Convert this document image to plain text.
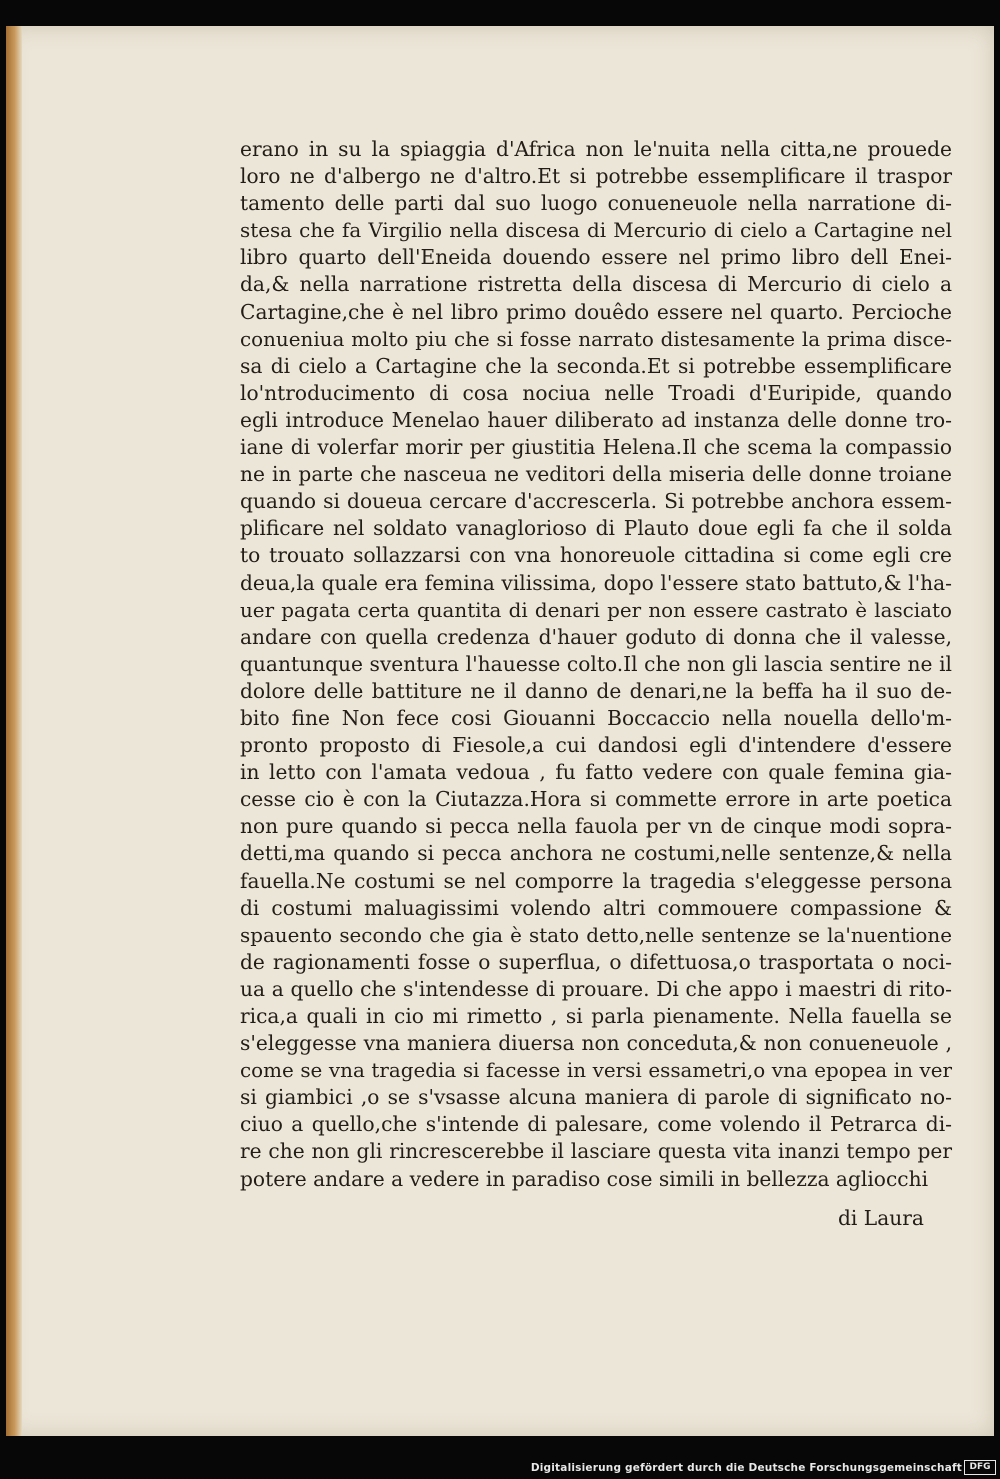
erano in su la spiaggia d'Africa non le'nuita nella citta,ne prouede
loro ne d'albergo ne d'altro.Et si potrebbe essemplificare il traspor
tamento delle parti dal suo luogo conueneuole nella narratione di-
stesa che fa Virgilio nella discesa di Mercurio di cielo a Cartagine nel
libro quarto dell'Eneida douendo essere nel primo libro dell Enei-
da,& nella narratione ristretta della discesa di Mercurio di cielo a
Cartagine,che è nel libro primo douêdo essere nel quarto. Percioche
conueniua molto piu che si fosse narrato distesamente la prima disce-
sa di cielo a Cartagine che la seconda.Et si potrebbe essemplificare
lo'ntroducimento di cosa nociua nelle Troadi d'Euripide, quando
egli introduce Menelao hauer diliberato ad instanza delle donne tro-
iane di volerfar morir per giustitia Helena.Il che scema la compassio
ne in parte che nasceua ne veditori della miseria delle donne troiane
quando si doueua cercare d'accrescerla. Si potrebbe anchora essem-
plificare nel soldato vanaglorioso di Plauto doue egli fa che il solda
to trouato sollazzarsi con vna honoreuole cittadina si come egli cre
deua,la quale era femina vilissima, dopo l'essere stato battuto,& l'ha-
uer pagata certa quantita di denari per non essere castrato è lasciato
andare con quella credenza d'hauer goduto di donna che il valesse,
quantunque sventura l'hauesse colto.Il che non gli lascia sentire ne il
dolore delle battiture ne il danno de denari,ne la beffa ha il suo de-
bito fine Non fece cosi Giouanni Boccaccio nella nouella dello'm-
pronto proposto di Fiesole,a cui dandosi egli d'intendere d'essere
in letto con l'amata vedoua , fu fatto vedere con quale femina gia-
cesse cio è con la Ciutazza.Hora si commette errore in arte poetica
non pure quando si pecca nella fauola per vn de cinque modi sopra-
detti,ma quando si pecca anchora ne costumi,nelle sentenze,& nella
fauella.Ne costumi se nel comporre la tragedia s'eleggesse persona
di costumi maluagissimi volendo altri commouere compassione &
spauento secondo che gia è stato detto,nelle sentenze se la'nuentione
de ragionamenti fosse o superflua, o difettuosa,o trasportata o noci-
ua a quello che s'intendesse di prouare. Di che appo i maestri di rito-
rica,a quali in cio mi rimetto , si parla pienamente. Nella fauella se
s'eleggesse vna maniera diuersa non conceduta,& non conueneuole ,
come se vna tragedia si facesse in versi essametri,o vna epopea in ver
si giambici ,o se s'vsasse alcuna maniera di parole di significato no-
ciuo a quello,che s'intende di palesare, come volendo il Petrarca di-
re che non gli rincrescerebbe il lasciare questa vita inanzi tempo per
potere andare a vedere in paradiso cose simili in bellezza agliocchi
di Laura
Digitalisierung gefördert durch die Deutsche Forschungsgemeinschaft DFG
